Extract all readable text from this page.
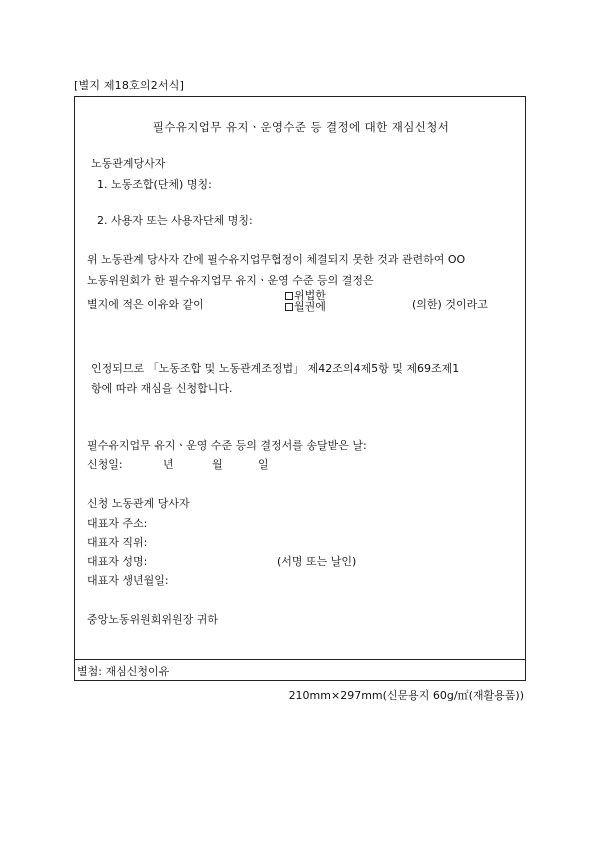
[별지 제18호의2서식]
필수유지업무 유지ㆍ운영수준 등 결정에 대한 재심신청서
노동관계당사자
1. 노동조합(단체) 명칭:
2. 사용자 또는 사용자단체 명칭:
위 노동관계 당사자 간에 필수유지업무협정이 체결되지 못한 것과 관련하여 OO
노동위원회가 한 필수유지업무 유지ㆍ운영 수준 등의 결정은
별지에 적은 이유와 같이
위법한
월권에	(의한) 것이라고
인정되므로 「노동조합 및 노동관계조정법」 제42조의4제5항 및 제69조제1
항에 따라 재심을 신청합니다.
필수유지업무 유지ㆍ운영 수준 등의 결정서를 송달받은 날:
신청일:	년	월	일
신청 노동관계 당사자
대표자 주소:
대표자 직위:
대표자 성명:	(서명 또는 날인)
대표자 생년월일:
중앙노동위원회위원장 귀하
별첨: 재심신청이유
210mm×297mm(신문용지 60g/㎡(재활용품))
